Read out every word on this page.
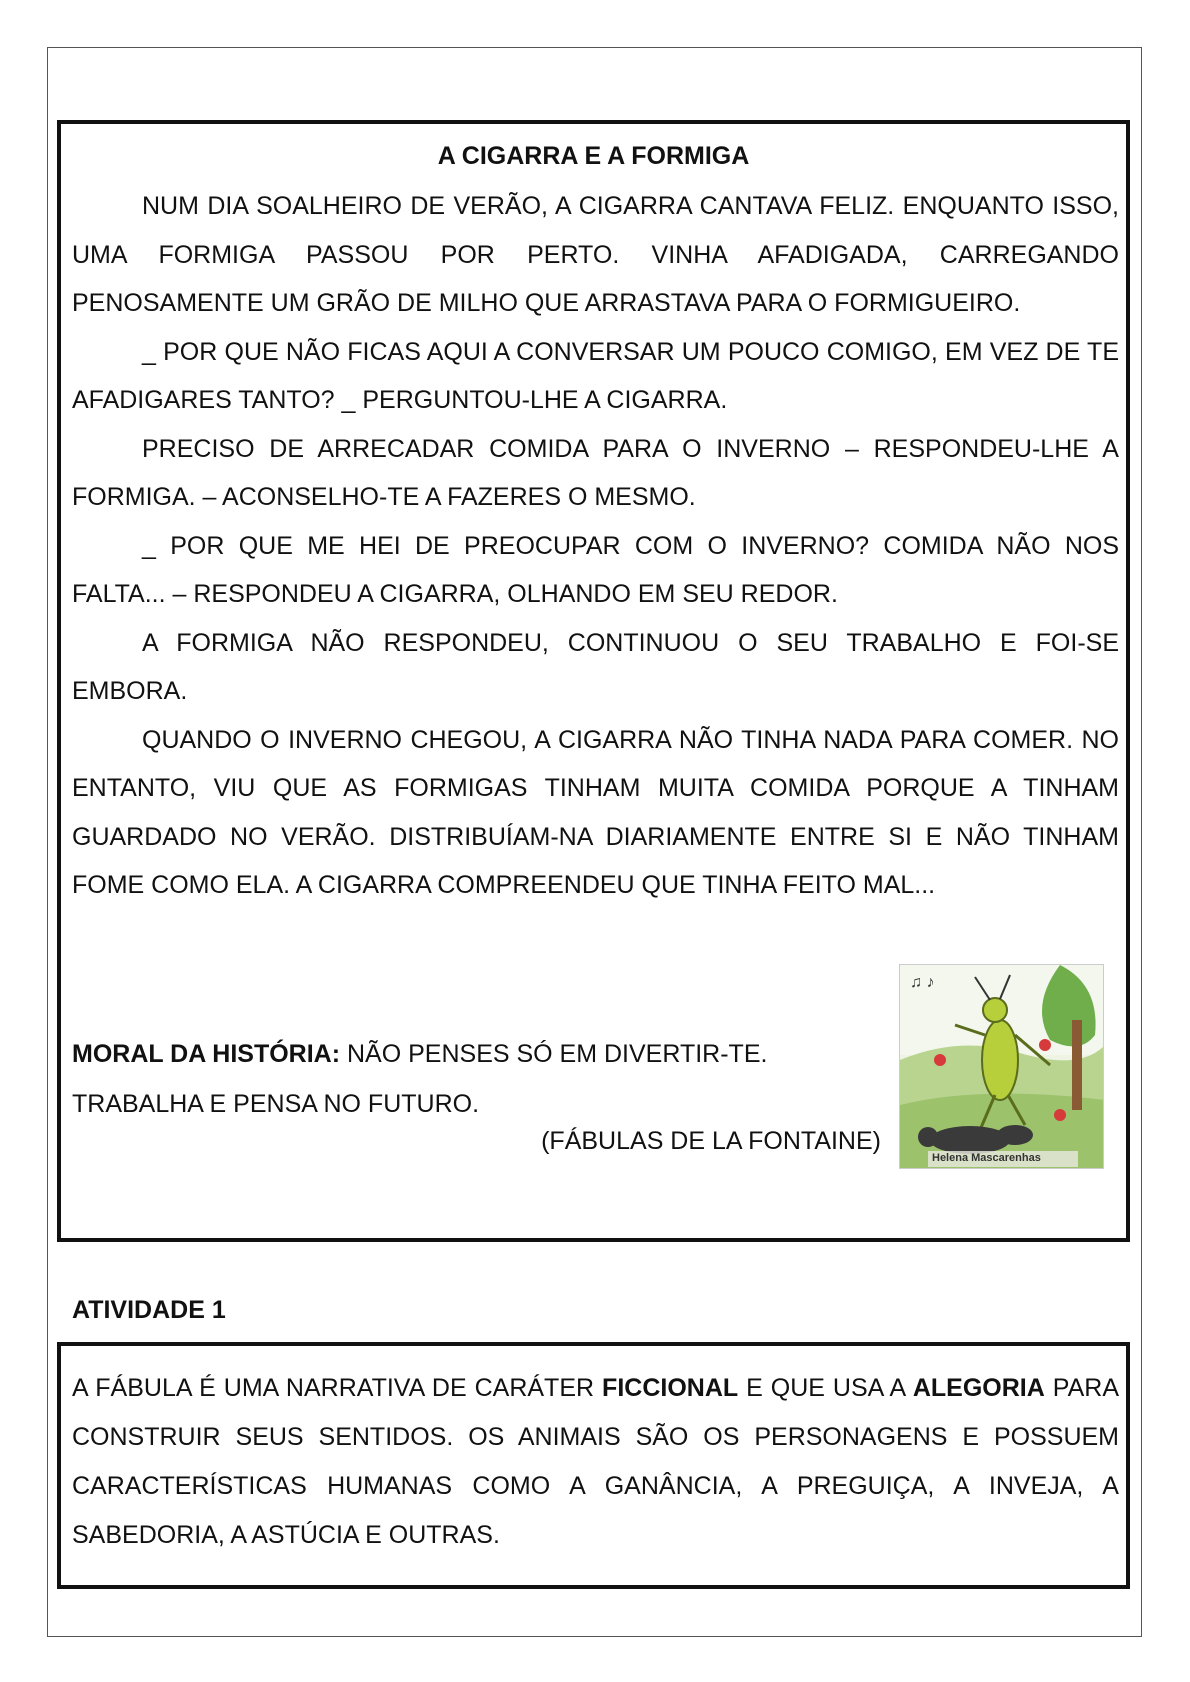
A CIGARRA E A FORMIGA

NUM DIA SOALHEIRO DE VERÃO, A CIGARRA CANTAVA FELIZ. ENQUANTO ISSO, UMA FORMIGA PASSOU POR PERTO. VINHA AFADIGADA, CARREGANDO PENOSAMENTE UM GRÃO DE MILHO QUE ARRASTAVA PARA O FORMIGUEIRO.

_ POR QUE NÃO FICAS AQUI A CONVERSAR UM POUCO COMIGO, EM VEZ DE TE AFADIGARES TANTO? _ PERGUNTOU-LHE A CIGARRA.

PRECISO DE ARRECADAR COMIDA PARA O INVERNO – RESPONDEU-LHE A FORMIGA. – ACONSELHO-TE A FAZERES O MESMO.

_ POR QUE ME HEI DE PREOCUPAR COM O INVERNO? COMIDA NÃO NOS FALTA... – RESPONDEU A CIGARRA, OLHANDO EM SEU REDOR.

A FORMIGA NÃO RESPONDEU, CONTINUOU O SEU TRABALHO E FOI-SE EMBORA.

QUANDO O INVERNO CHEGOU, A CIGARRA NÃO TINHA NADA PARA COMER. NO ENTANTO, VIU QUE AS FORMIGAS TINHAM MUITA COMIDA PORQUE A TINHAM GUARDADO NO VERÃO. DISTRIBUÍAM-NA DIARIAMENTE ENTRE SI E NÃO TINHAM FOME COMO ELA. A CIGARRA COMPREENDEU QUE TINHA FEITO MAL...

MORAL DA HISTÓRIA: NÃO PENSES SÓ EM DIVERTIR-TE. TRABALHA E PENSA NO FUTURO.
(FÁBULAS DE LA FONTAINE)
♫ ♪
Helena Mascarenhas
ATIVIDADE 1
A FÁBULA É UMA NARRATIVA DE CARÁTER FICCIONAL E QUE USA A ALEGORIA PARA CONSTRUIR SEUS SENTIDOS. OS ANIMAIS SÃO OS PERSONAGENS E POSSUEM CARACTERÍSTICAS HUMANAS COMO A GANÂNCIA, A PREGUIÇA, A INVEJA, A SABEDORIA, A ASTÚCIA E OUTRAS.
